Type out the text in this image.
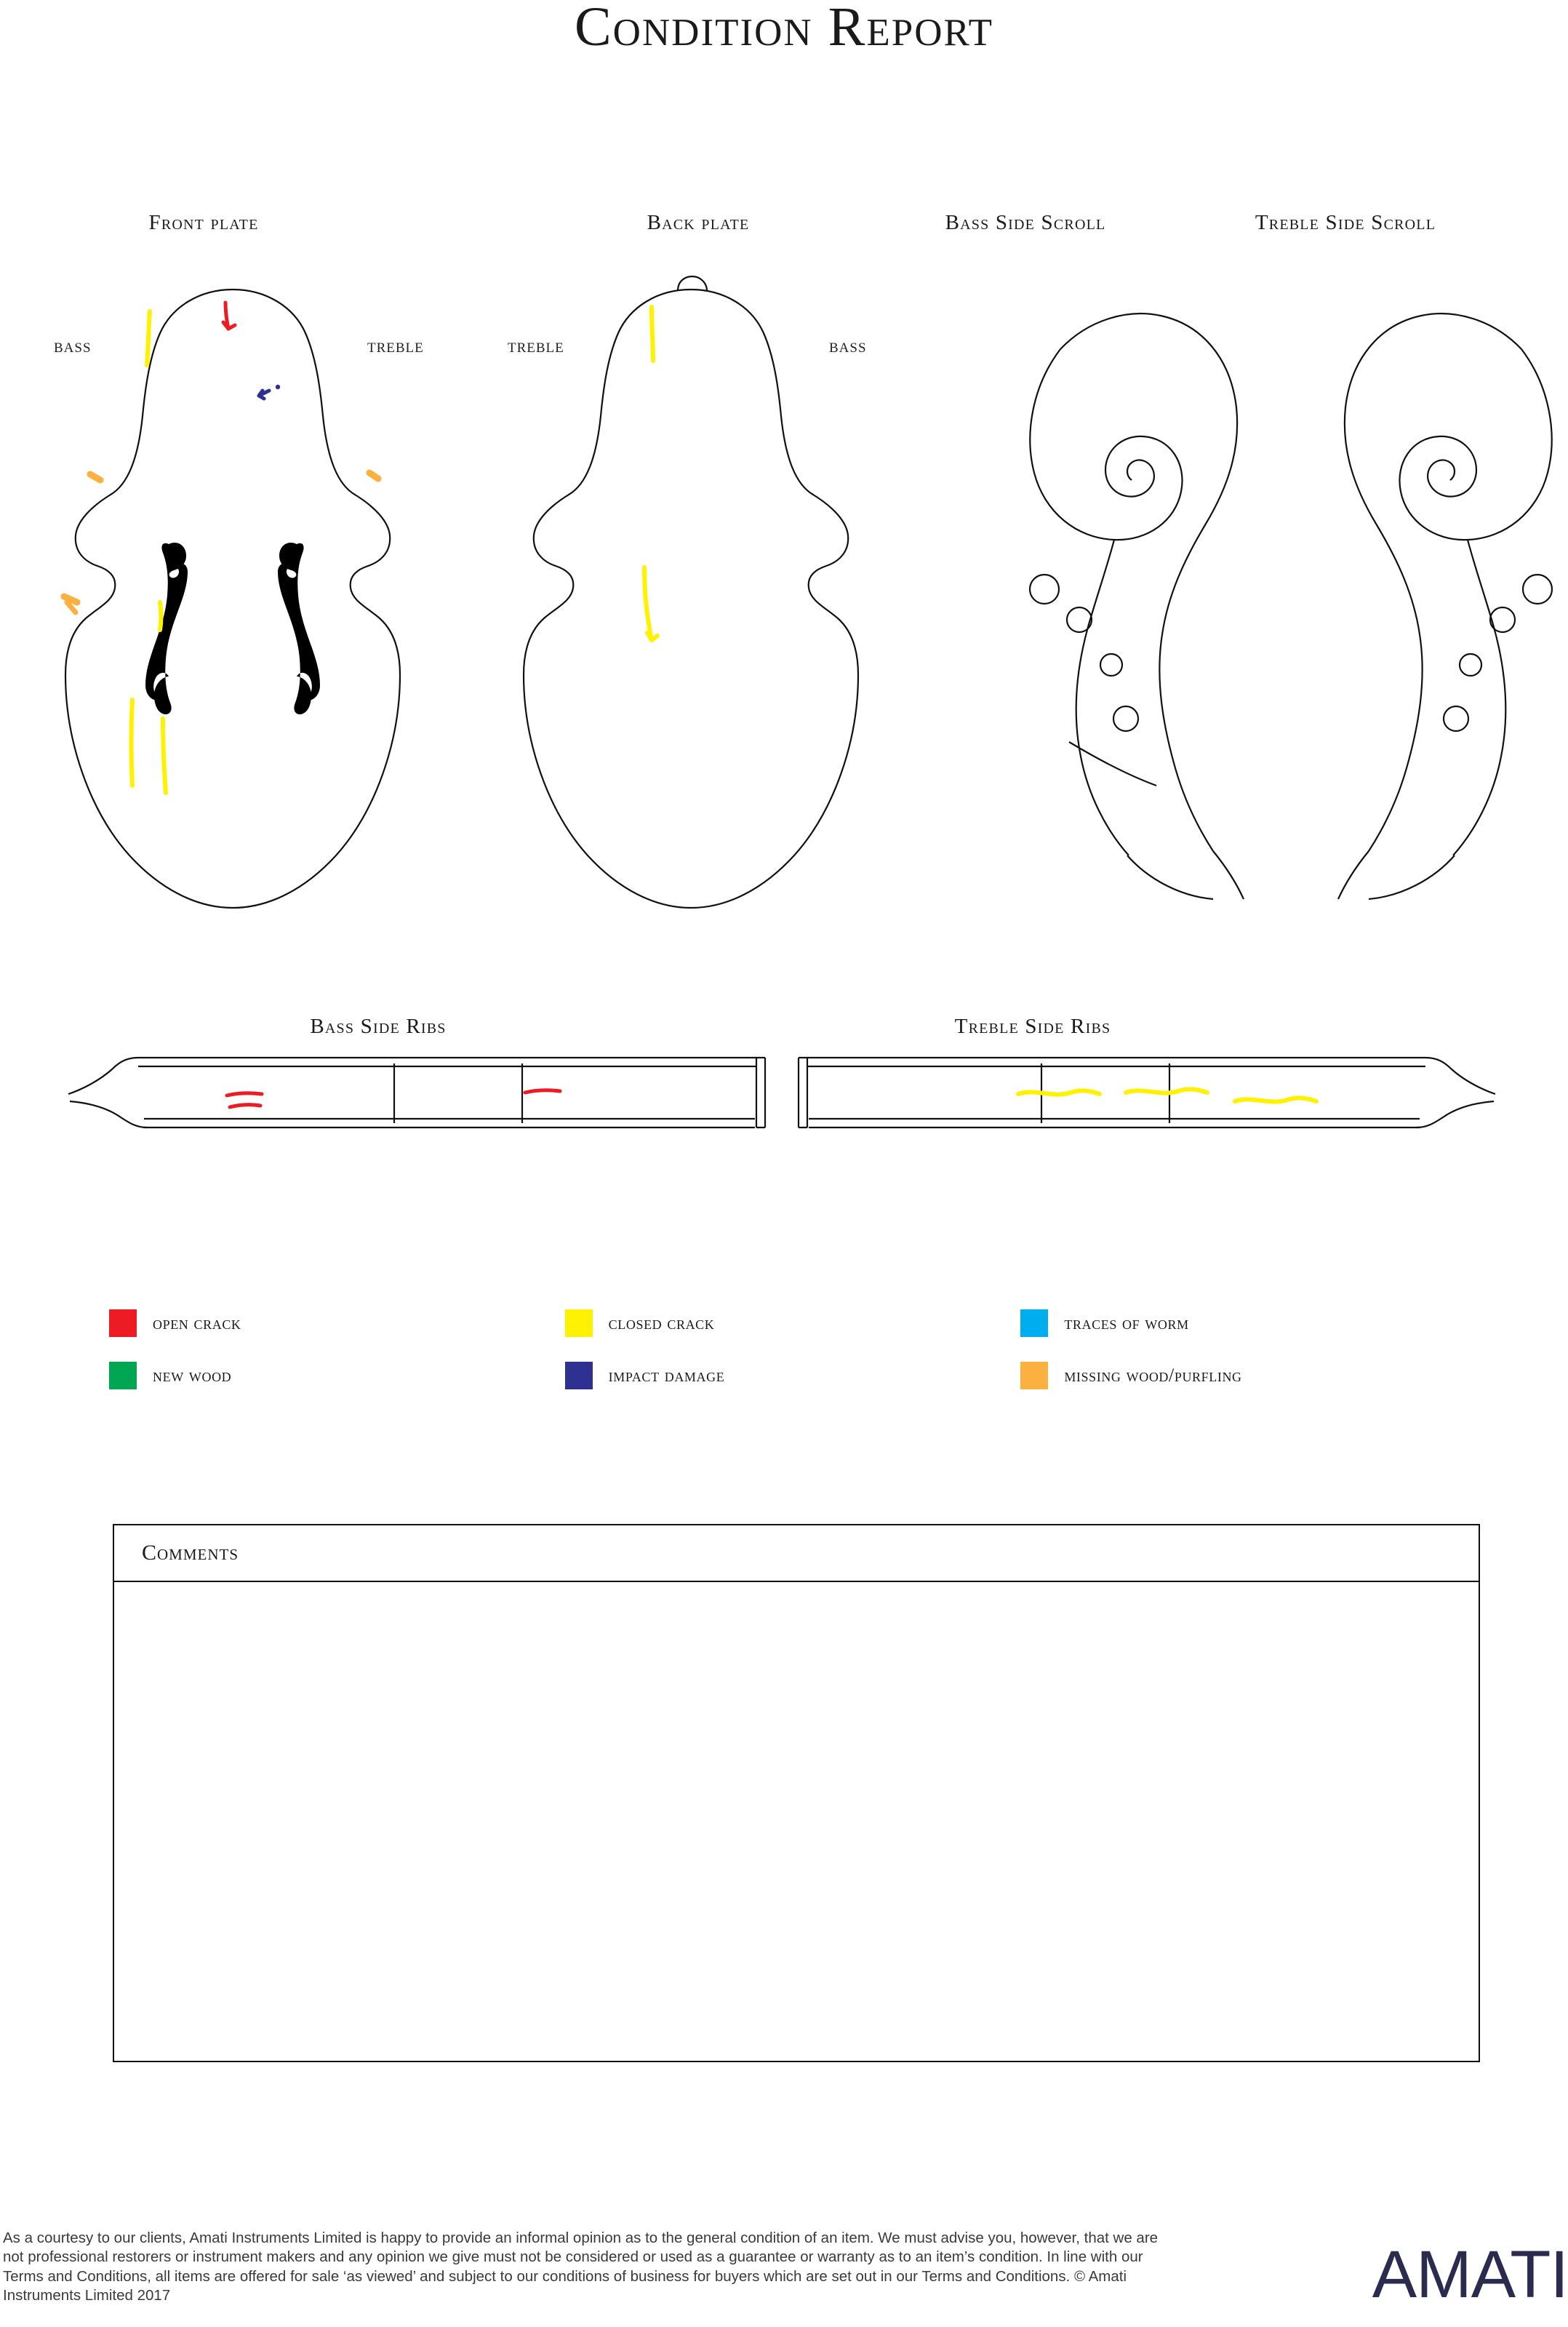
Condition Report
Front plate	Back plate	Bass Side Scroll	Treble Side Scroll
BASS	TREBLE	TREBLE	BASS
Bass Side Ribs	Treble Side Ribs
open crack	closed crack	traces of worm
new wood	impact damage	missing wood/purfling
Comments
As a courtesy to our clients, Amati Instruments Limited is happy to provide an informal opinion as to the general condition of an item. We must advise you, however, that we are not professional restorers or instrument makers and any opinion we give must not be considered or used as a guarantee or warranty as to an item’s condition. In line with our Terms and Conditions, all items are offered for sale ‘as viewed’ and subject to our conditions of business for buyers which are set out in our Terms and Conditions. © Amati Instruments Limited 2017	AMATI
